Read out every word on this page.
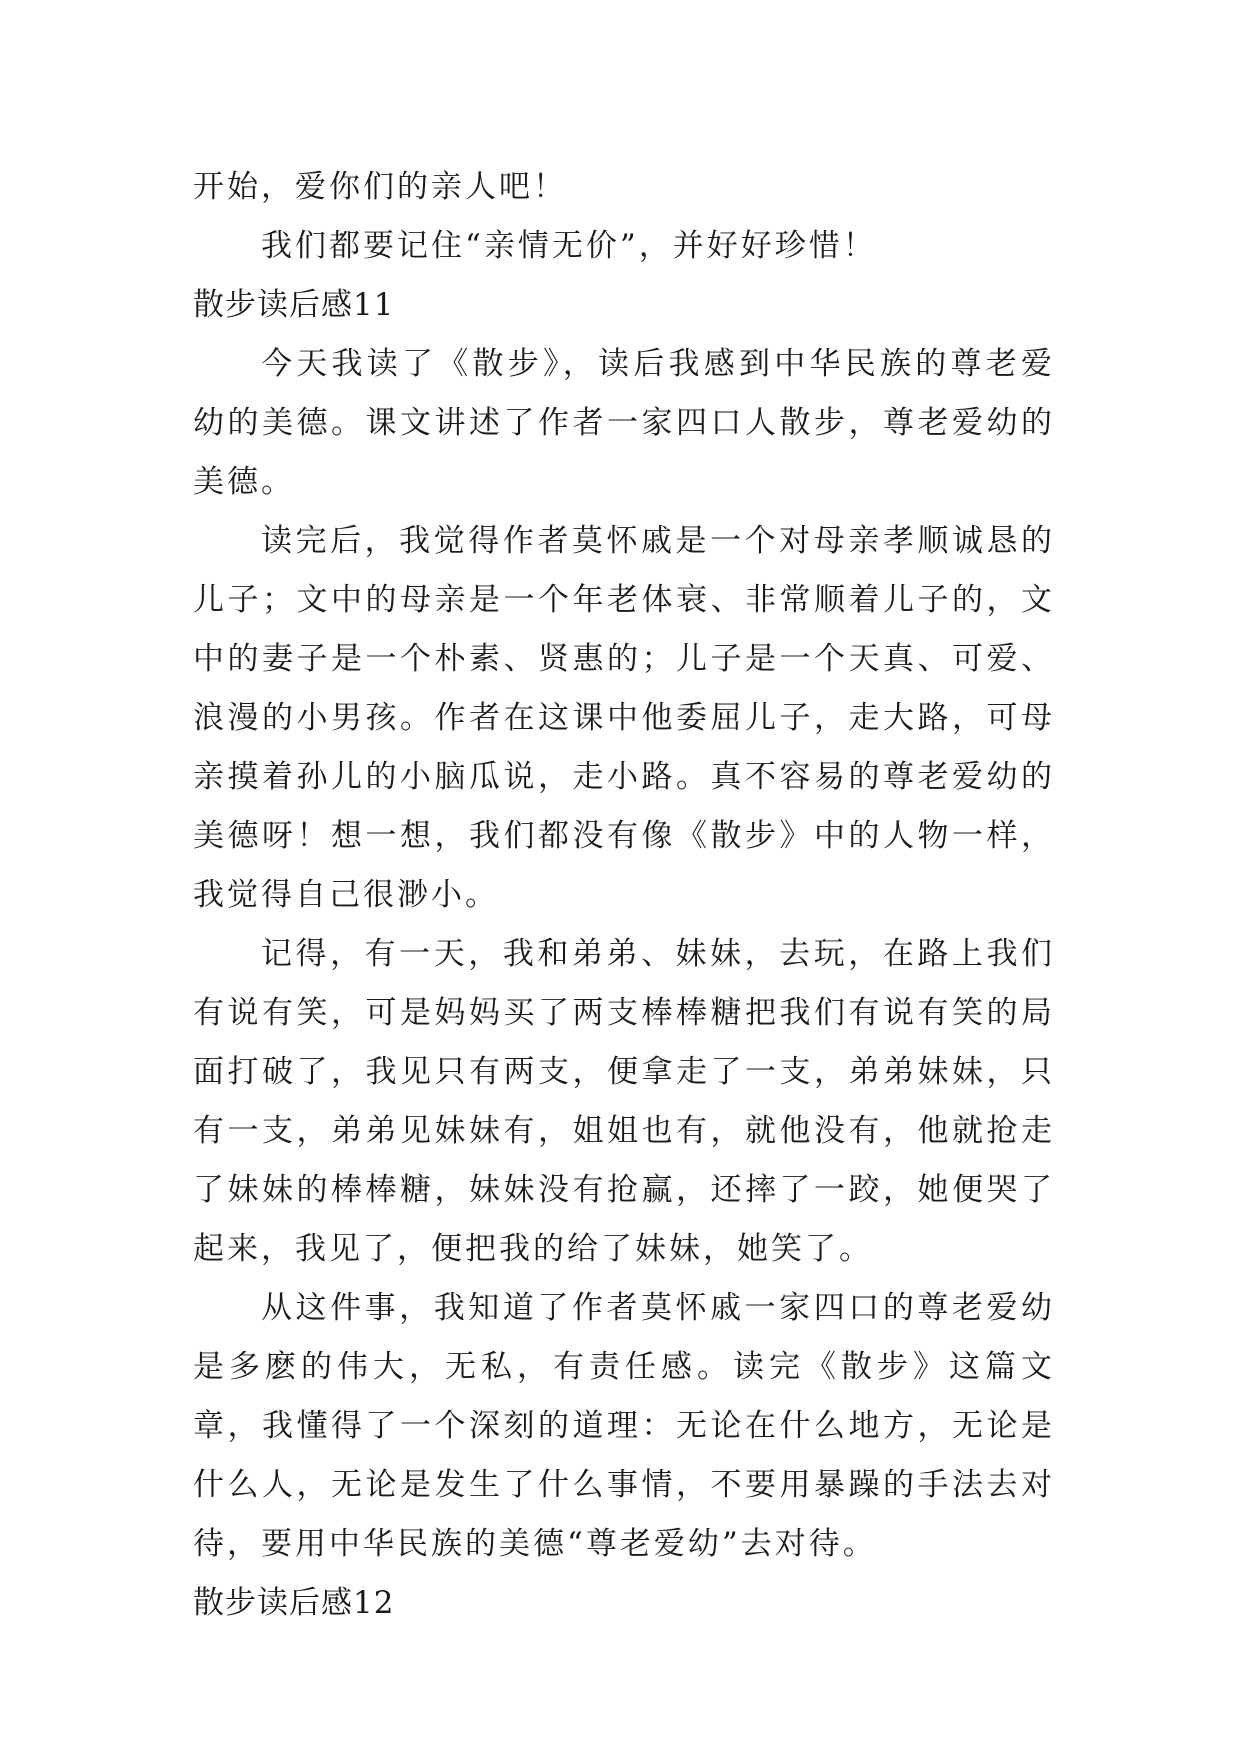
开始，爱你们的亲人吧！

我们都要记住“亲情无价”，并好好珍惜！

散步读后感11

今天我读了《散步》，读后我感到中华民族的尊老爱幼的美德。课文讲述了作者一家四口人散步，尊老爱幼的美德。

读完后，我觉得作者莫怀戚是一个对母亲孝顺诚恳的儿子；文中的母亲是一个年老体衰、非常顺着儿子的，文中的妻子是一个朴素、贤惠的；儿子是一个天真、可爱、浪漫的小男孩。作者在这课中他委屈儿子，走大路，可母亲摸着孙儿的小脑瓜说，走小路。真不容易的尊老爱幼的美德呀！想一想，我们都没有像《散步》中的人物一样，我觉得自己很渺小。

记得，有一天，我和弟弟、妹妹，去玩，在路上我们有说有笑，可是妈妈买了两支棒棒糖把我们有说有笑的局面打破了，我见只有两支，便拿走了一支，弟弟妹妹，只有一支，弟弟见妹妹有，姐姐也有，就他没有，他就抢走了妹妹的棒棒糖，妹妹没有抢赢，还摔了一跤，她便哭了起来，我见了，便把我的给了妹妹，她笑了。

从这件事，我知道了作者莫怀戚一家四口的尊老爱幼是多麽的伟大，无私，有责任感。读完《散步》这篇文章，我懂得了一个深刻的道理：无论在什么地方，无论是什么人，无论是发生了什么事情，不要用暴躁的手法去对待，要用中华民族的美德“尊老爱幼”去对待。

散步读后感12
